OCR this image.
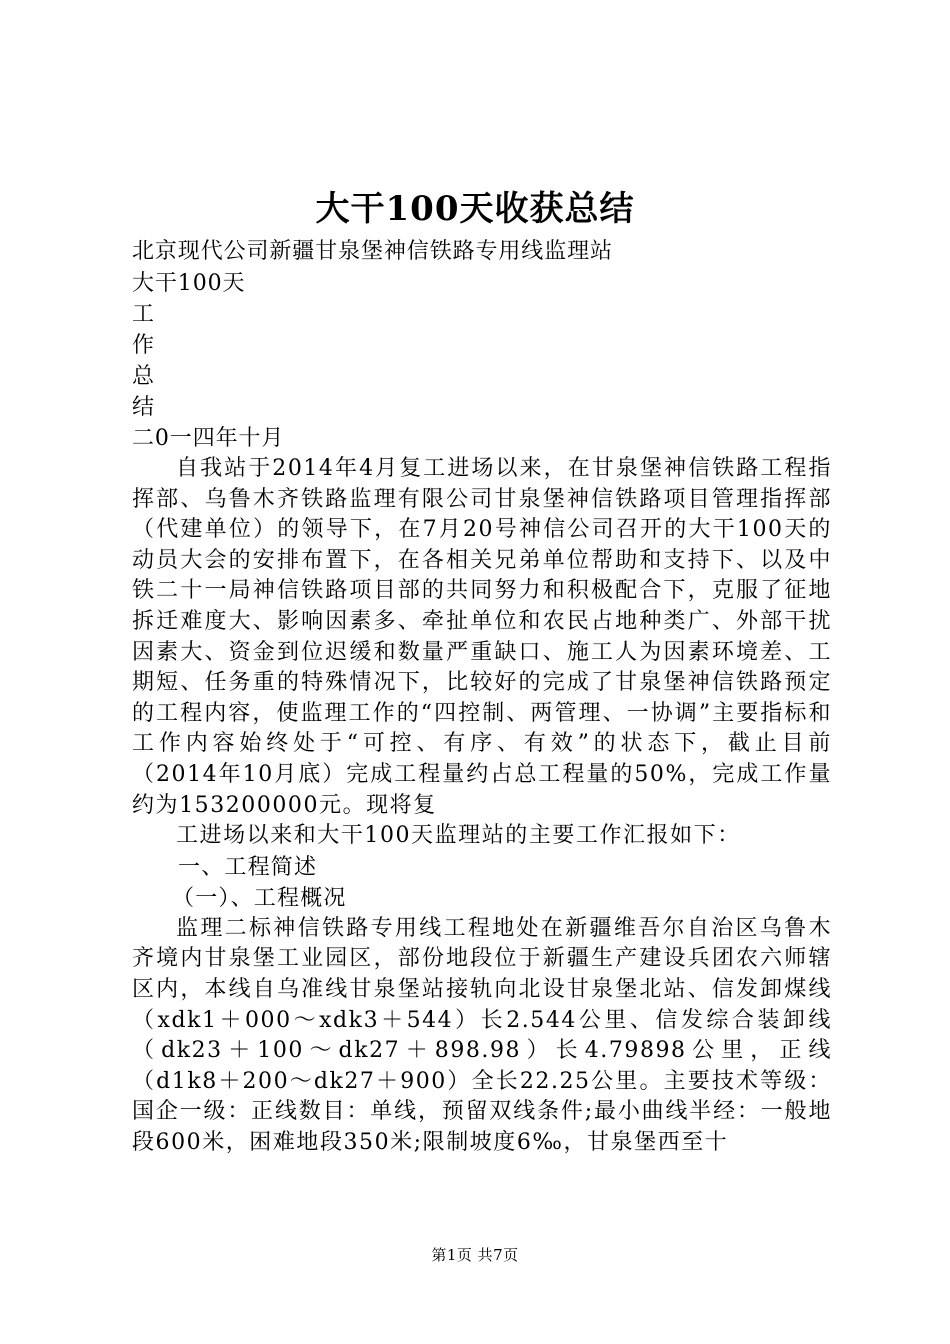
大干100天收获总结
北京现代公司新疆甘泉堡神信铁路专用线监理站
大干100天
工
作
总
结
二0一四年十月

自我站于2014年4月复工进场以来，在甘泉堡神信铁路工程指挥部、乌鲁木齐铁路监理有限公司甘泉堡神信铁路项目管理指挥部（代建单位）的领导下，在7月20号神信公司召开的大干100天的动员大会的安排布置下，在各相关兄弟单位帮助和支持下、以及中铁二十一局神信铁路项目部的共同努力和积极配合下，克服了征地拆迁难度大、影响因素多、牵扯单位和农民占地种类广、外部干扰因素大、资金到位迟缓和数量严重缺口、施工人为因素环境差、工期短、任务重的特殊情况下，比较好的完成了甘泉堡神信铁路预定的工程内容，使监理工作的“四控制、两管理、一协调”主要指标和工作内容始终处于“可控、有序、有效”的状态下，截止目前（2014年10月底）完成工程量约占总工程量的50%，完成工作量约为153200000元。现将复

工进场以来和大干100天监理站的主要工作汇报如下：

一、工程简述

（一）、工程概况

监理二标神信铁路专用线工程地处在新疆维吾尔自治区乌鲁木齐境内甘泉堡工业园区，部份地段位于新疆生产建设兵团农六师辖区内，本线自乌准线甘泉堡站接轨向北设甘泉堡北站、信发卸煤线（xdk1＋000～xdk3＋544）长2.544公里、信发综合装卸线（dk23＋100～dk27＋898.98）长4.79898公里，正线（d1k8＋200～dk27＋900）全长22.25公里。主要技术等级：国企一级：正线数目：单线，预留双线条件;最小曲线半经：一般地段600米，困难地段350米;限制坡度6‰，甘泉堡西至十

第1页 共7页
